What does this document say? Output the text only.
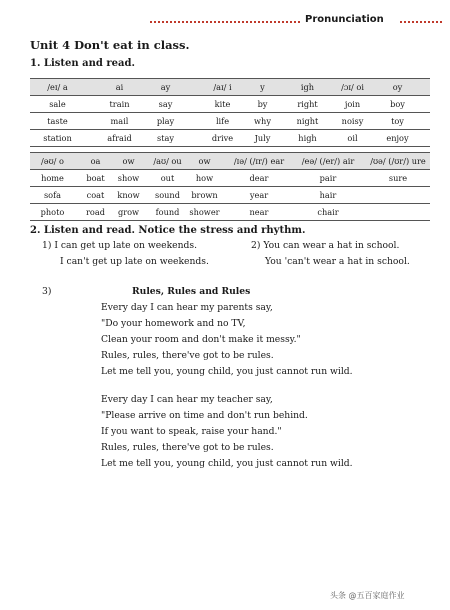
Pronunciation
Unit 4 Don't eat in class.
1. Listen and read.
/eɪ/ a	ai	ay	/aɪ/ i	y	igh	/ɔɪ/ oi	oy
sale	train	say	kite	by	right	join	boy
taste	mail	play	life	why	night	noisy	toy
station	afraid	stay	drive	July	high	oil	enjoy
/əʊ/ o	oa	ow	/aʊ/ ou	ow	/ɪə/ (/ɪr/) ear	/eə/ (/er/) air	/ʊə/ (/ʊr/) ure
home	boat	show	out	how	dear	pair	sure
sofa	coat	know	sound	brown	year	hair
photo	road	grow	found	shower	near	chair
2. Listen and read. Notice the stress and rhythm.
1) I can get up late on weekends.
I can't get up late on weekends.
2) You can wear a hat in school.
You 'can't wear a hat in school.
3)	Rules, Rules and Rules
Every day I can hear my parents say,
"Do your homework and no TV,
Clean your room and don't make it messy."
Rules, rules, there've got to be rules.
Let me tell you, young child, you just cannot run wild.
Every day I can hear my teacher say,
"Please arrive on time and don't run behind.
If you want to speak, raise your hand."
Rules, rules, there've got to be rules.
Let me tell you, young child, you just cannot run wild.
头条 @五百家庭作业
